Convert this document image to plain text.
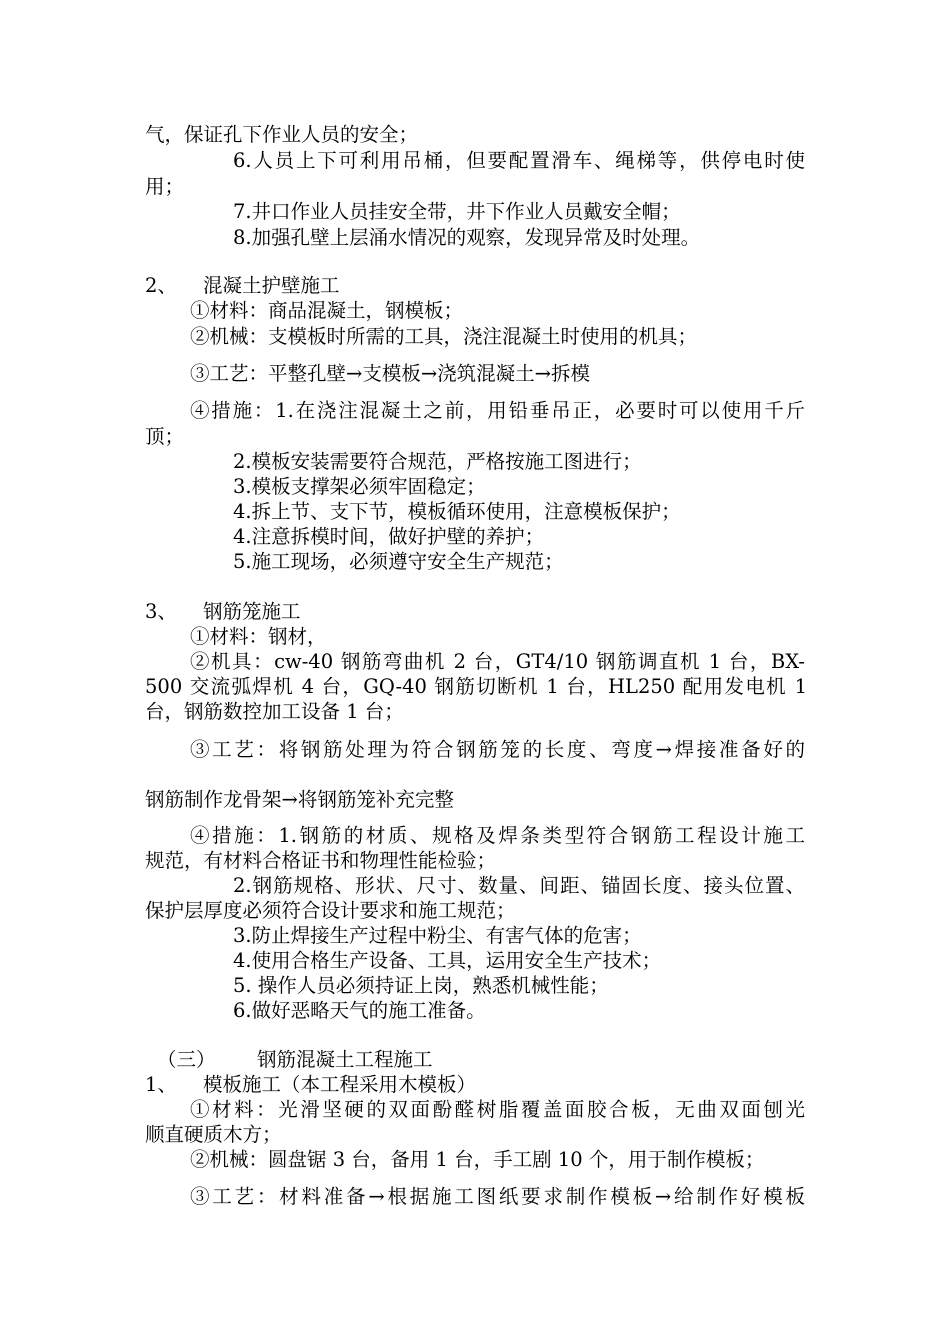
气，保证孔下作业人员的安全；
6.人员上下可利用吊桶，但要配置滑车、绳梯等，供停电时使
用；
7.井口作业人员挂安全带，井下作业人员戴安全帽；
8.加强孔壁上层涌水情况的观察，发现异常及时处理。
2、 混凝土护壁施工
①材料：商品混凝土，钢模板；
②机械：支模板时所需的工具，浇注混凝土时使用的机具；
③工艺：平整孔壁→支模板→浇筑混凝土→拆模
④措施：1.在浇注混凝土之前，用铅垂吊正，必要时可以使用千斤
顶；
2.模板安装需要符合规范，严格按施工图进行；
3.模板支撑架必须牢固稳定；
4.拆上节、支下节，模板循环使用，注意模板保护；
4.注意拆模时间，做好护壁的养护；
5.施工现场，必须遵守安全生产规范；
3、 钢筋笼施工
①材料：钢材，
②机具：cw-40 钢筋弯曲机 2 台，GT4/10 钢筋调直机 1 台，BX-
500 交流弧焊机 4 台，GQ-40 钢筋切断机 1 台，HL250 配用发电机 1
台，钢筋数控加工设备 1 台；
③工艺：将钢筋处理为符合钢筋笼的长度、弯度→焊接准备好的
钢筋制作龙骨架→将钢筋笼补充完整
④措施：1.钢筋的材质、规格及焊条类型符合钢筋工程设计施工
规范，有材料合格证书和物理性能检验；
2.钢筋规格、形状、尺寸、数量、间距、锚固长度、接头位置、
保护层厚度必须符合设计要求和施工规范；
3.防止焊接生产过程中粉尘、有害气体的危害；
4.使用合格生产设备、工具，运用安全生产技术；
5. 操作人员必须持证上岗，熟悉机械性能；
6.做好恶略天气的施工准备。
（三） 钢筋混凝土工程施工
1、 模板施工（本工程采用木模板）
①材料：光滑坚硬的双面酚醛树脂覆盖面胶合板，无曲双面刨光
顺直硬质木方；
②机械：圆盘锯 3 台，备用 1 台，手工剧 10 个，用于制作模板；
③工艺：材料准备→根据施工图纸要求制作模板→给制作好模板
